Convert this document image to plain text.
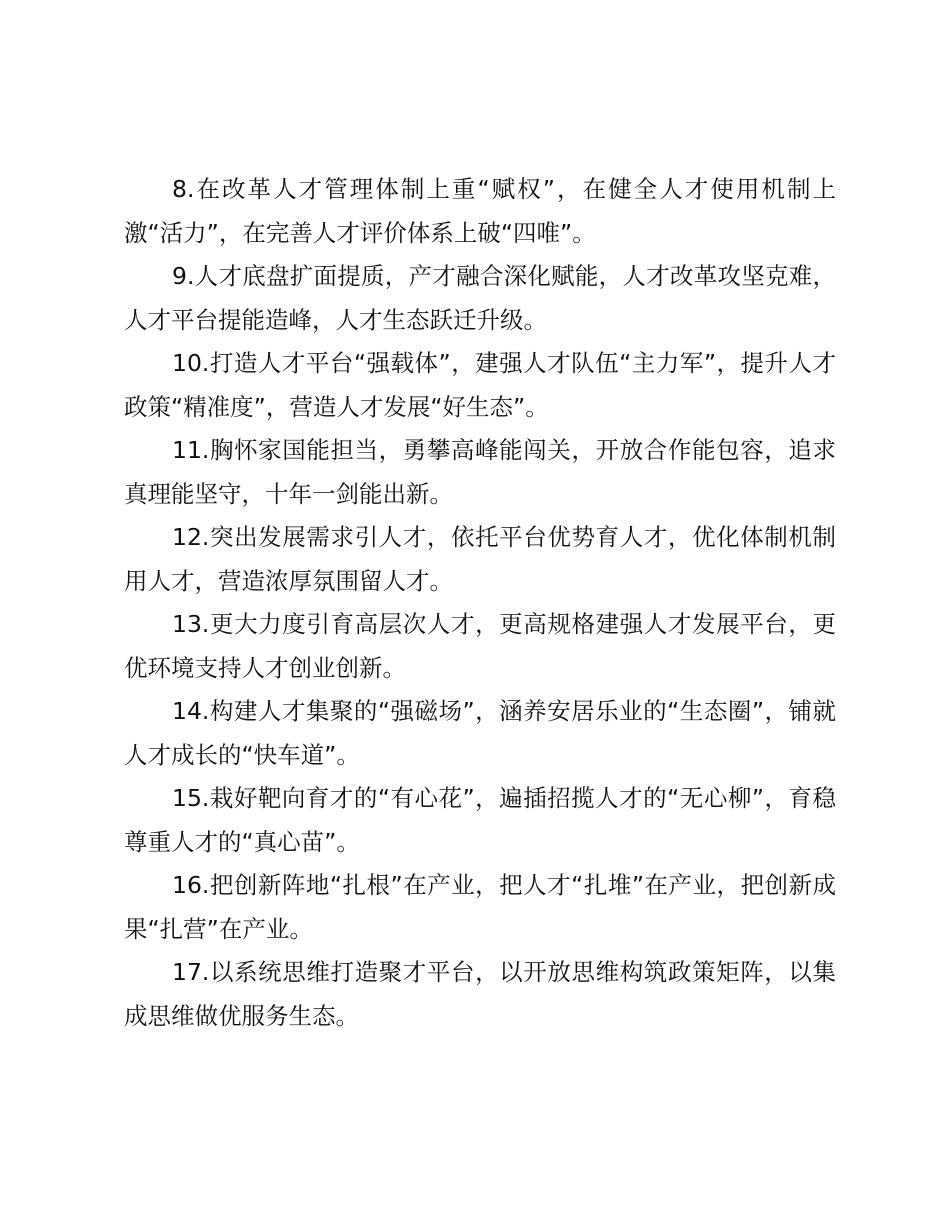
8.在改革人才管理体制上重“赋权”，在健全人才使用机制上激“活力”，在完善人才评价体系上破“四唯”。

9.人才底盘扩面提质，产才融合深化赋能，人才改革攻坚克难，人才平台提能造峰，人才生态跃迁升级。

10.打造人才平台“强载体”，建强人才队伍“主力军”，提升人才政策“精准度”，营造人才发展“好生态”。

11.胸怀家国能担当，勇攀高峰能闯关，开放合作能包容，追求真理能坚守，十年一剑能出新。

12.突出发展需求引人才，依托平台优势育人才，优化体制机制用人才，营造浓厚氛围留人才。

13.更大力度引育高层次人才，更高规格建强人才发展平台，更优环境支持人才创业创新。

14.构建人才集聚的“强磁场”，涵养安居乐业的“生态圈”，铺就人才成长的“快车道”。

15.栽好靶向育才的“有心花”，遍插招揽人才的“无心柳”，育稳尊重人才的“真心苗”。

16.把创新阵地“扎根”在产业，把人才“扎堆”在产业，把创新成果“扎营”在产业。

17.以系统思维打造聚才平台，以开放思维构筑政策矩阵，以集成思维做优服务生态。
